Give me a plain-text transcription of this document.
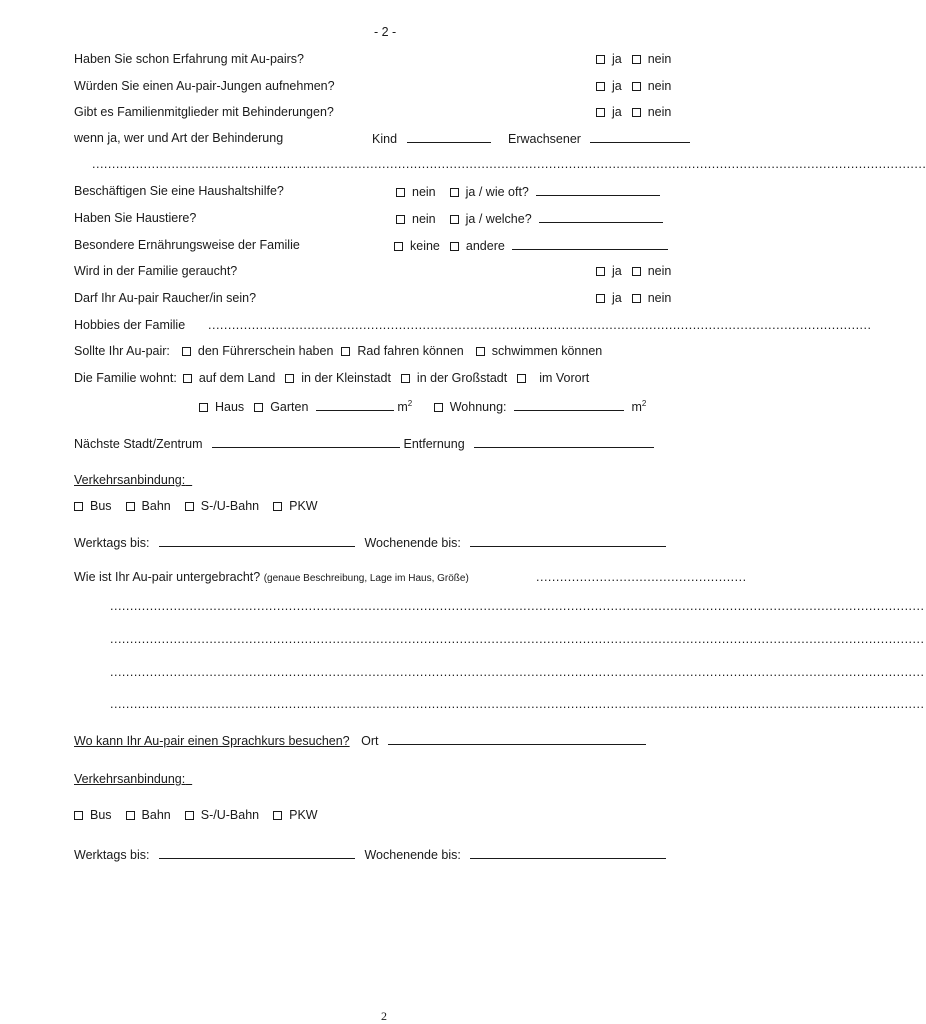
- 2 -
Haben Sie schon Erfahrung mit Au-pairs?	ja nein
Würden Sie einen Au-pair-Jungen aufnehmen?	ja nein
Gibt es Familienmitglieder mit Behinderungen?	ja nein
wenn ja, wer und Art der Behinderung	Kind	Erwachsener
..................................................................................................................................................................................................................
Beschäftigen Sie eine Haushaltshilfe?	nein ja / wie oft?
Haben Sie Haustiere?	nein ja / welche?
Besondere Ernährungsweise der Familie	keine andere
Wird in der Familie geraucht?	ja nein
Darf Ihr Au-pair Raucher/in sein?	ja nein
Hobbies der Familie .......................................................................................................................................................................
Sollte Ihr Au-pair: den Führerschein haben Rad fahren können schwimmen können
Die Familie wohnt: auf dem Land in der Kleinstadt in der Großstadt	im Vorort
Haus Garten	$m^2$	Wohnung:	$m^2$
Nächste Stadt/Zentrum	Entfernung
Verkehrsanbindung:
Bus Bahn S-/U-Bahn PKW
Werktags bis:	Wochenende bis:
Wie ist Ihr Au-pair untergebracht? (genaue Beschreibung, Lage im Haus, Größe)	.....................................................
.............................................................................................................................................................................................................
.............................................................................................................................................................................................................
.............................................................................................................................................................................................................
.............................................................................................................................................................................................................
Wo kann Ihr Au-pair einen Sprachkurs besuchen? Ort
Verkehrsanbindung:
Bus Bahn S-/U-Bahn PKW
Werktags bis:	Wochenende bis:
2
